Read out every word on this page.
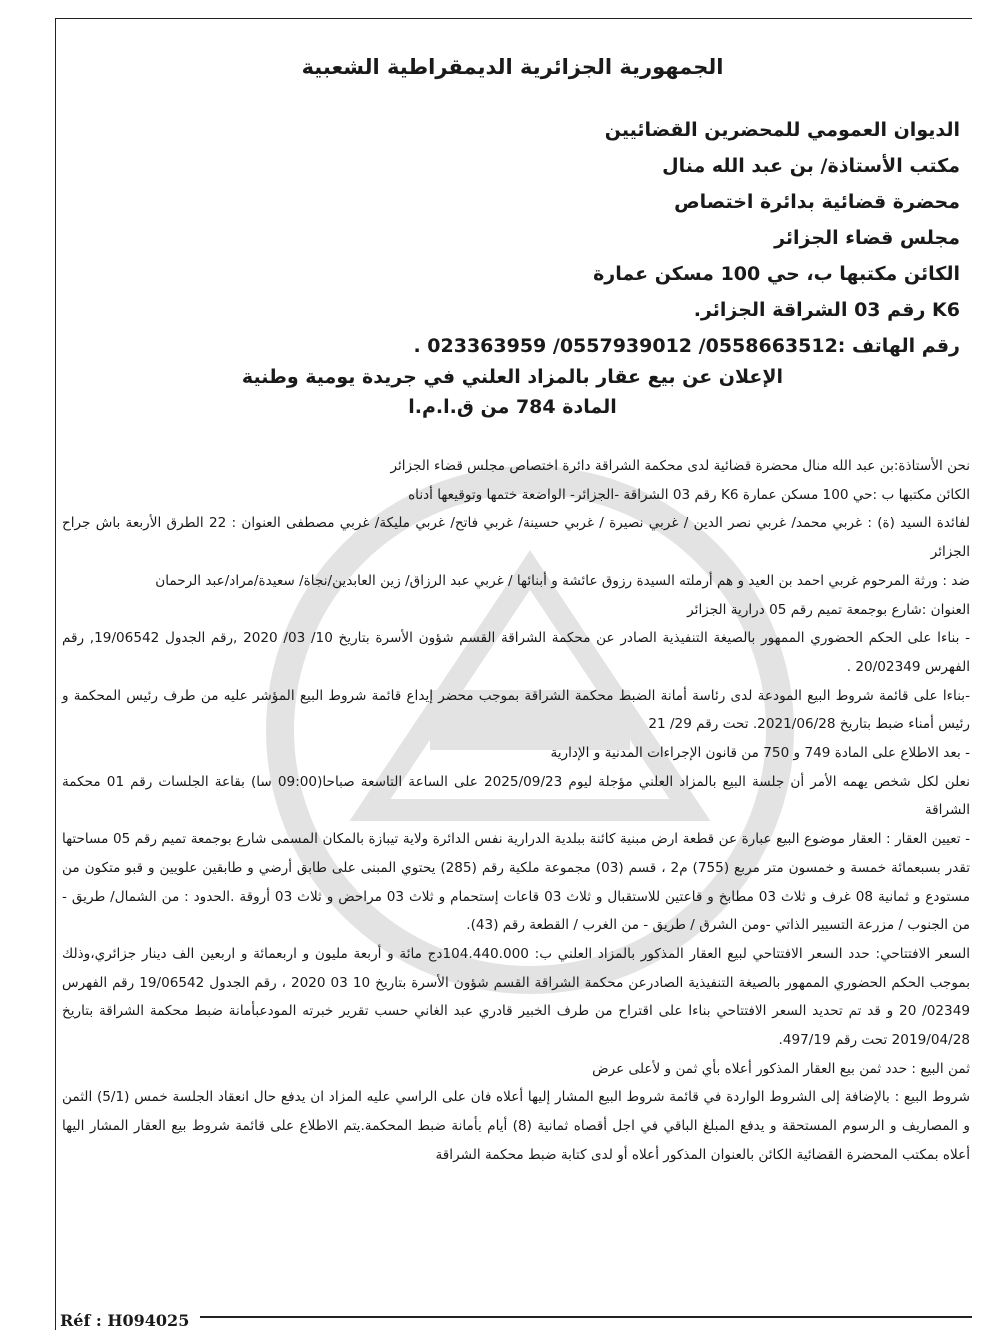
الجمهورية الجزائرية الديمقراطية الشعبية
الديوان العمومي للمحضرين القضائيين
مكتب الأستاذة/ بن عبد الله منال
محضرة قضائية بدائرة اختصاص
مجلس قضاء الجزائر
الكائن مكتبها ب، حي 100 مسكن عمارة
K6 رقم 03 الشراقة الجزائر.
رقم الهاتف :0558663512/ 0557939012/ 023363959 .
الإعلان عن بيع عقار بالمزاد العلني في جريدة يومية وطنية
المادة 784 من ق.ا.م.ا

نحن الأستاذة:بن عبد الله منال محضرة قضائية لدى محكمة الشراقة دائرة اختصاص مجلس قضاء الجزائر

الكائن مكتبها ب :حي 100 مسكن عمارة K6 رقم 03 الشراقة -الجزائر- الواضعة ختمها وتوقيعها أدناه

لفائدة السيد (ة) : غربي محمد/ غربي نصر الدين / غربي نصيرة / غربي حسينة/ غربي فاتح/ غربي مليكة/ غربي مصطفى العنوان : 22 الطرق الأربعة باش جراح الجزائر

ضد : ورثة المرحوم غربي احمد بن العيد و هم أرملته السيدة رزوق عائشة و أبنائها / غربي عبد الرزاق/ زين العابدين/نجاة/ سعيدة/مراد/عبد الرحمان

العنوان :شارع بوجمعة تميم رقم 05 درارية الجزائر

- بناءا على الحكم الحضوري الممهور بالصيغة التنفيذية الصادر عن محكمة الشراقة القسم شؤون الأسرة بتاريخ 10/ 03/ 2020 ,رقم الجدول 19/06542, رقم الفهرس 20/02349 .

-بناءا على قائمة شروط البيع المودعة لدى رئاسة أمانة الضبط محكمة الشراقة بموجب محضر إيداع قائمة شروط البيع المؤشر عليه من طرف رئيس المحكمة و رئيس أمناء ضبط بتاريخ 2021/06/28. تحت رقم 29/ 21

- بعد الاطلاع على المادة 749 و 750 من قانون الإجراءات المدنية و الإدارية

نعلن لكل شخص يهمه الأمر أن جلسة البيع بالمزاد العلني مؤجلة ليوم 2025/09/23 على الساعة التاسعة صباحا(09:00 سا) بقاعة الجلسات رقم 01 محكمة الشراقة

- تعيين العقار : العقار موضوع البيع عبارة عن قطعة ارض مبنية كائنة ببلدية الدرارية نفس الدائرة ولاية تيبازة بالمكان المسمى شارع بوجمعة تميم رقم 05 مساحتها تقدر بسبعمائة خمسة و خمسون متر مربع (755) م2 ، قسم (03) مجموعة ملكية رقم (285) يحتوي المبنى على طابق أرضي و طابقين علويين و قبو متكون من مستودع و ثمانية 08 غرف و ثلاث 03 مطابخ و قاعتين للاستقبال و ثلاث 03 قاعات إستحمام و ثلاث 03 مراحض و ثلاث 03 أروقة .الحدود : من الشمال/ طريق - من الجنوب / مزرعة التسيير الذاتي -ومن الشرق / طريق - من الغرب / القطعة رقم (43).

السعر الافتتاحي: حدد السعر الافتتاحي لبيع العقار المذكور بالمزاد العلني ب: 104.440.000دج مائة و أربعة مليون و اربعمائة و اربعين الف دينار جزائري،وذلك بموجب الحكم الحضوري الممهور بالصيغة التنفيذية الصادرعن محكمة الشراقة القسم شؤون الأسرة بتاريخ 10 03 2020 ، رقم الجدول 19/06542 رقم الفهرس 02349/ 20 و قد تم تحديد السعر الافتتاحي بناءا على اقتراح من طرف الخبير قادري عبد الغاني حسب تقرير خبرته المودعبأمانة ضبط محكمة الشراقة بتاريخ 2019/04/28 تحت رقم 497/19.

ثمن البيع : حدد ثمن بيع العقار المذكور أعلاه بأي ثمن و لأعلى عرض

شروط البيع : بالإضافة إلى الشروط الواردة في قائمة شروط البيع المشار إليها أعلاه فان على الراسي عليه المزاد ان يدفع حال انعقاد الجلسة خمس (5/1) الثمن و المصاريف و الرسوم المستحقة و يدفع المبلغ الباقي في اجل أقصاه ثمانية (8) أيام بأمانة ضبط المحكمة.يتم الاطلاع على قائمة شروط بيع العقار المشار اليها أعلاه بمكتب المحضرة القضائية الكائن بالعنوان المذكور أعلاه أو لدى كتابة ضبط محكمة الشراقة

Réf : H094025
